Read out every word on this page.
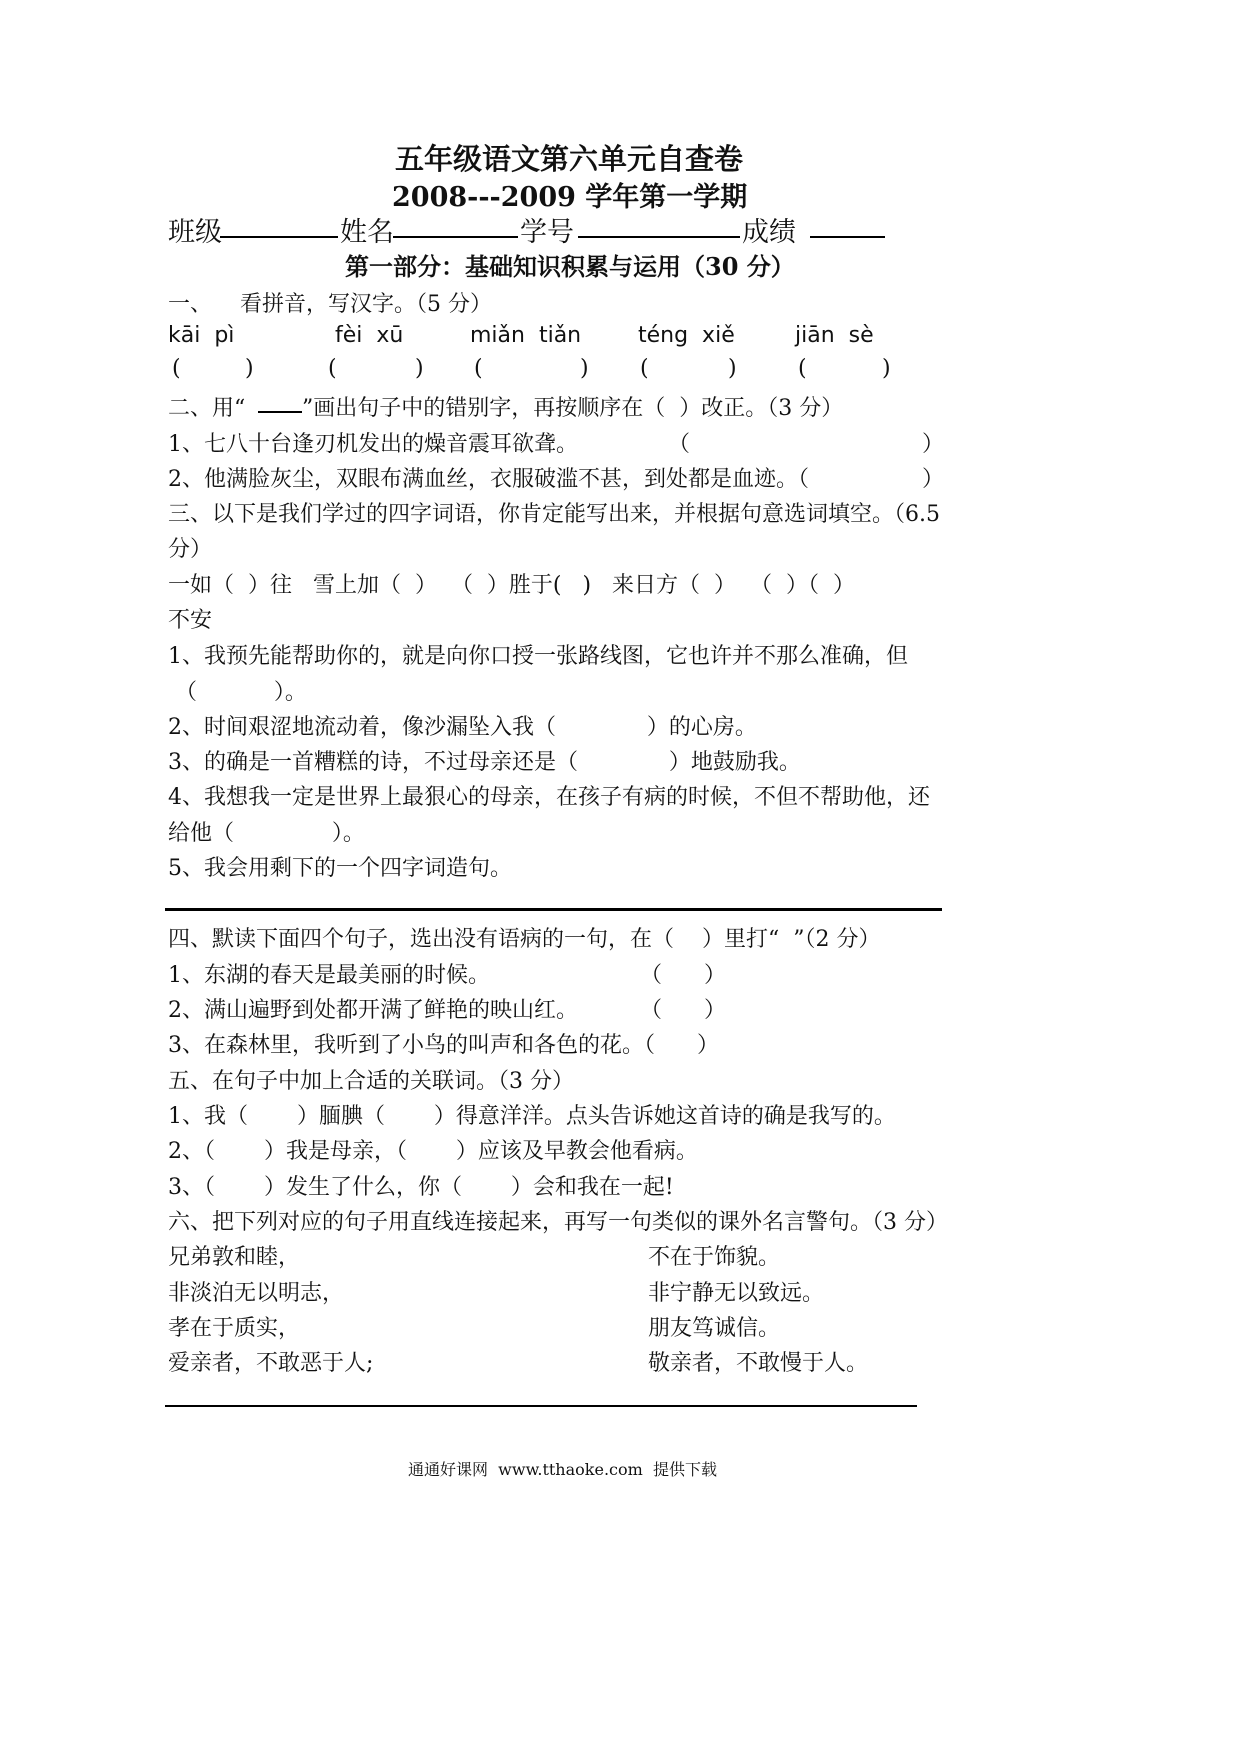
五年级语文第六单元自查卷
2008---2009 学年第一学期
班级	姓名	学号	成绩
第一部分：基础知识积累与运用（30 分）
一、    看拼音，写汉字。（5 分）
kāi  pì	fèi  xū	miǎn  tiǎn	téng  xiě	jiān  sè
(	)	(	) (	) (	)	(	)
二、用“	”画出句子中的错别字，再按顺序在（  ）改正。（3 分）
1、七八十台逢刃机发出的燥音震耳欲聋。	（	）
2、他满脸灰尘，双眼布满血丝，衣服破滥不甚，到处都是血迹。（	）
三、以下是我们学过的四字词语，你肯定能写出来，并根据句意选词填空。（6.5
分）
一如（  ）往   雪上加（  ）  （  ）胜于(   )   来日方（  ）  （  ）（  ）
不安
1、我预先能帮助你的，就是向你口授一张路线图，它也许并不那么准确，但
（           ）。
2、时间艰涩地流动着，像沙漏坠入我（             ）的心房。
3、的确是一首糟糕的诗，不过母亲还是（             ）地鼓励我。
4、我想我一定是世界上最狠心的母亲，在孩子有病的时候，不但不帮助他，还
给他（              ）。
5、我会用剩下的一个四字词造句。
四、默读下面四个句子，选出没有语病的一句，在（    ）里打“  ”（2 分）
1、东湖的春天是最美丽的时候。	（      ）
2、满山遍野到处都开满了鲜艳的映山红。	（      ）
3、在森林里，我听到了小鸟的叫声和各色的花。（      ）
五、在句子中加上合适的关联词。（3 分）
1、我（       ）腼腆（       ）得意洋洋。点头告诉她这首诗的确是我写的。
2、（       ）我是母亲，（       ）应该及早教会他看病。
3、（       ）发生了什么，你（       ）会和我在一起!
六、把下列对应的句子用直线连接起来，再写一句类似的课外名言警句。（3 分）
兄弟敦和睦，	不在于饰貌。
非淡泊无以明志，	非宁静无以致远。
孝在于质实，	朋友笃诚信。
爱亲者，不敢恶于人;	敬亲者，不敢慢于人。
通通好课网  www.tthaoke.com  提供下载
